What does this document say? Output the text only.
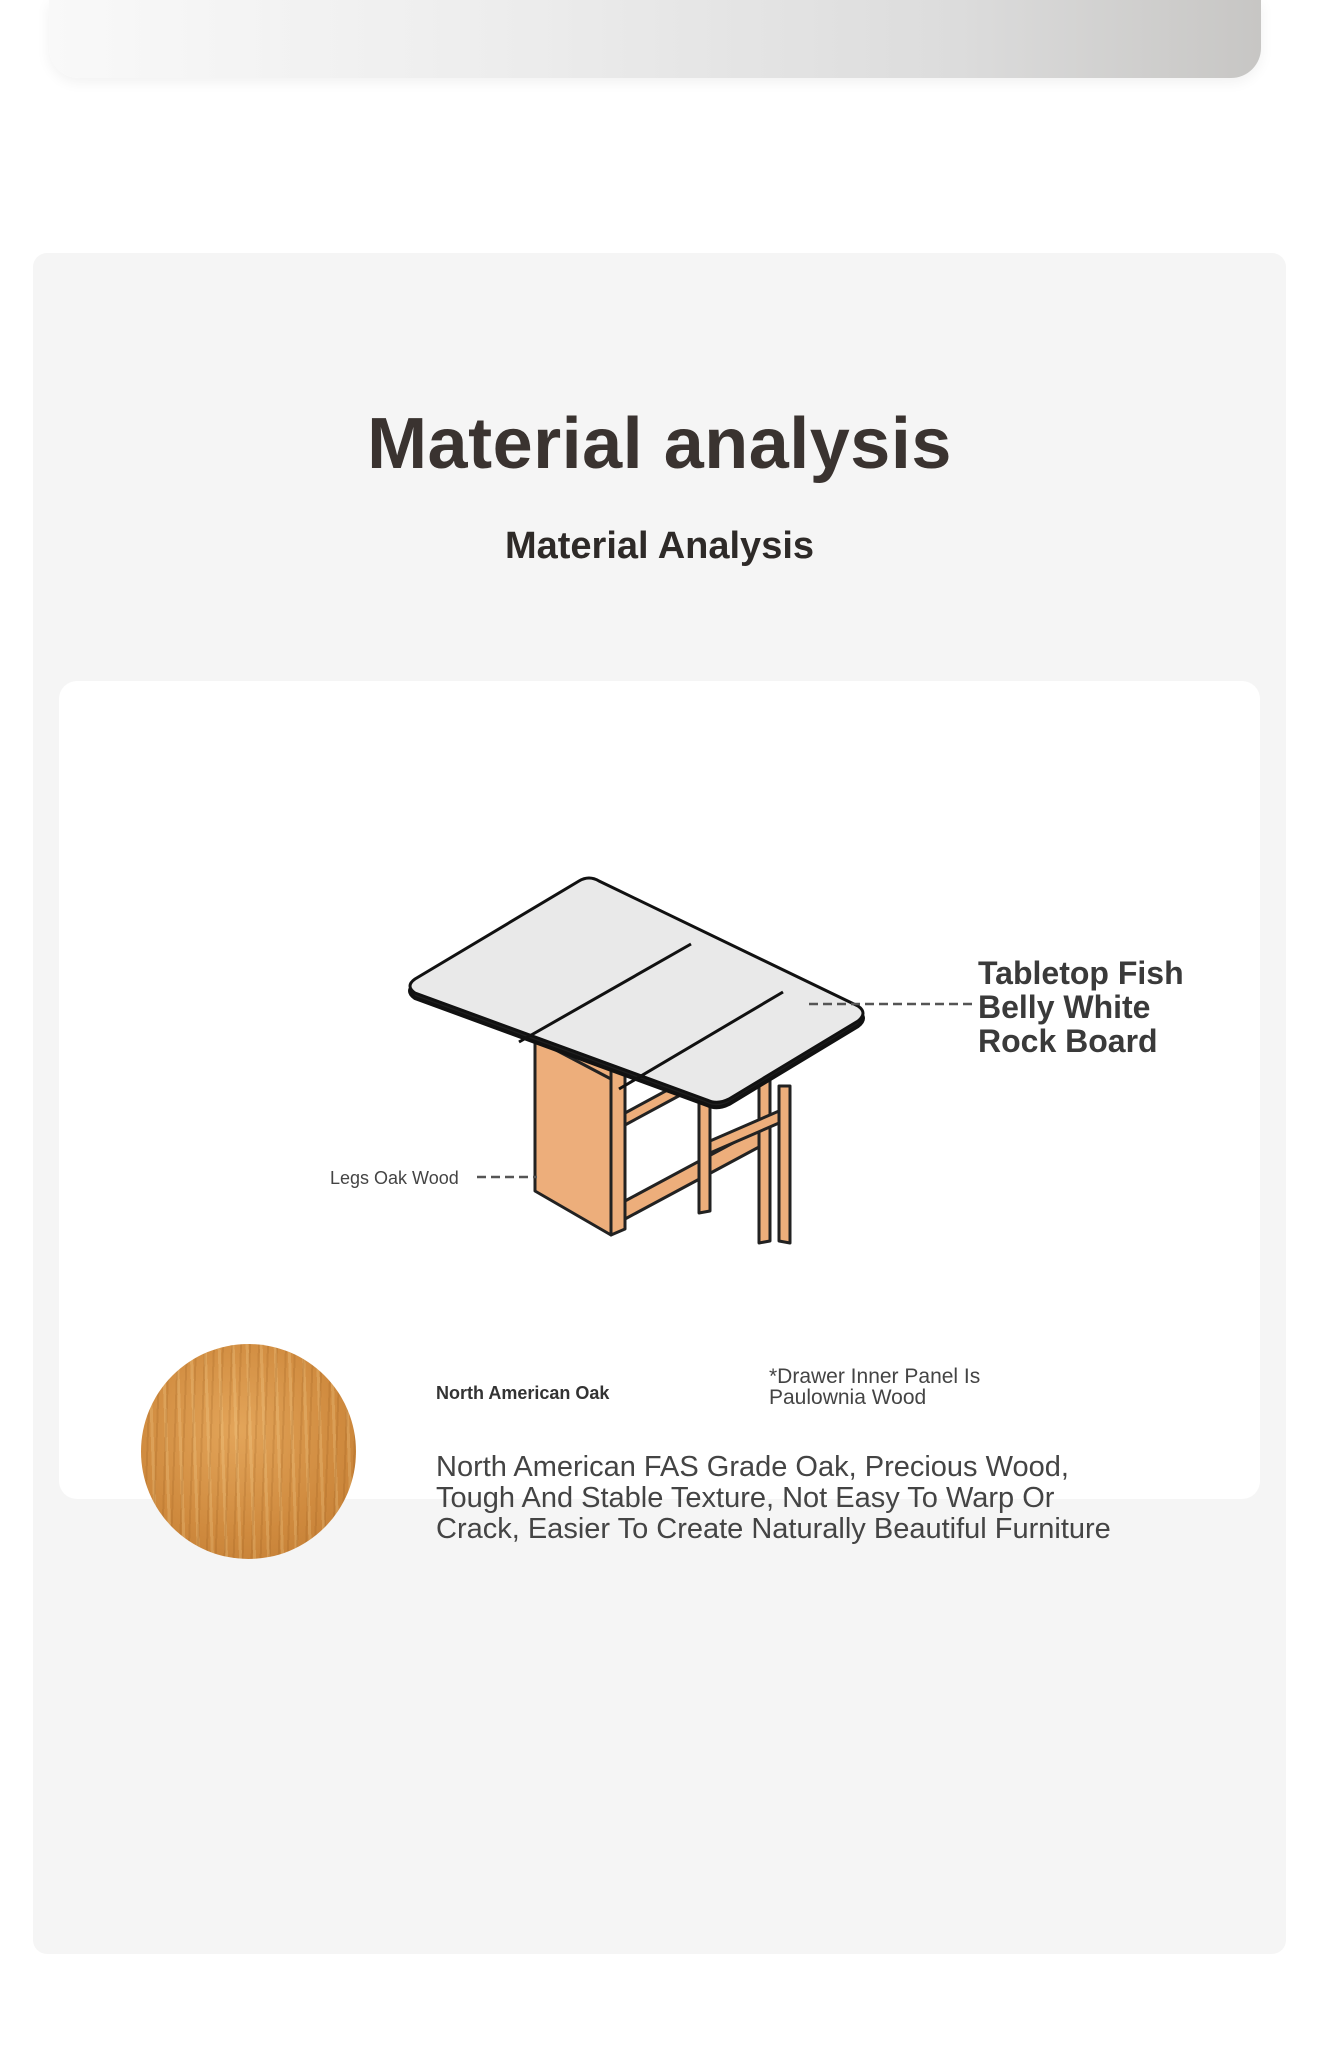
Material analysis
Material Analysis

Tabletop Fish Belly White Rock Board

Legs Oak Wood

*Drawer Inner Panel Is Paulownia Wood

North American Oak

North American FAS Grade Oak, Precious Wood, Tough And Stable Texture, Not Easy To Warp Or Crack, Easier To Create Naturally Beautiful Furniture
